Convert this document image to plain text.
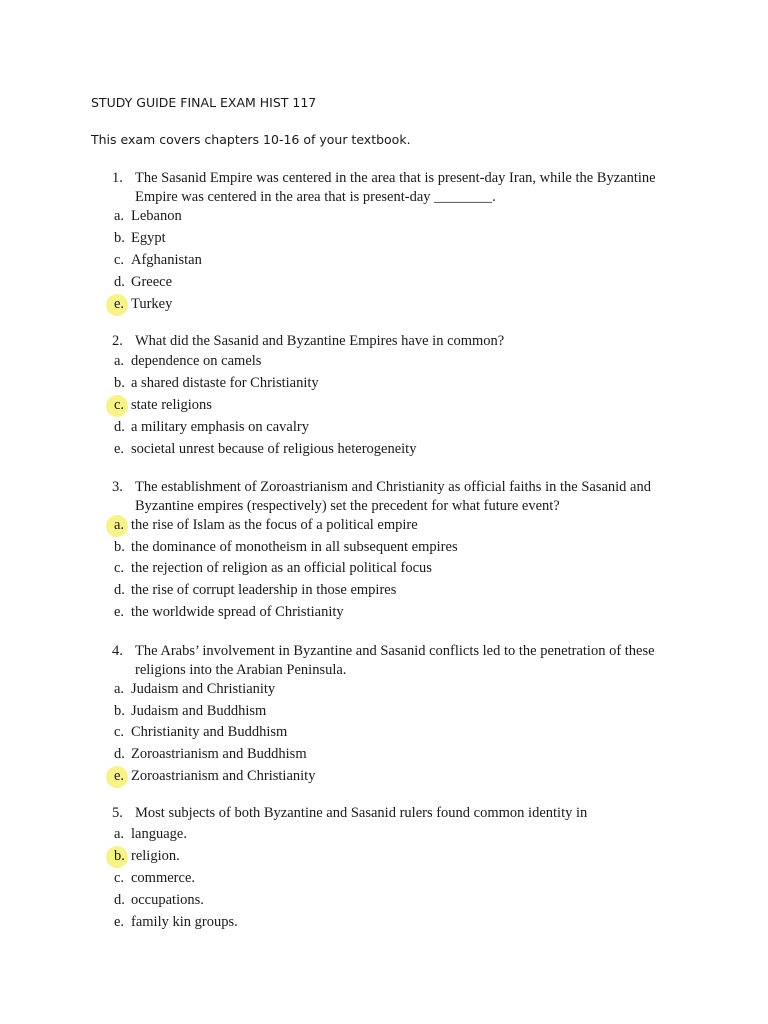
STUDY GUIDE FINAL EXAM HIST 117
This exam covers chapters 10-16 of your textbook.
1. The Sasanid Empire was centered in the area that is present-day Iran, while the Byzantine
Empire was centered in the area that is present-day ________.
a. Lebanon
b. Egypt
c. Afghanistan
d. Greece
e. Turkey
2. What did the Sasanid and Byzantine Empires have in common?
a. dependence on camels
b. a shared distaste for Christianity
c. state religions
d. a military emphasis on cavalry
e. societal unrest because of religious heterogeneity
3. The establishment of Zoroastrianism and Christianity as official faiths in the Sasanid and
Byzantine empires (respectively) set the precedent for what future event?
a. the rise of Islam as the focus of a political empire
b. the dominance of monotheism in all subsequent empires
c. the rejection of religion as an official political focus
d. the rise of corrupt leadership in those empires
e. the worldwide spread of Christianity
4. The Arabs’ involvement in Byzantine and Sasanid conflicts led to the penetration of these
religions into the Arabian Peninsula.
a. Judaism and Christianity
b. Judaism and Buddhism
c. Christianity and Buddhism
d. Zoroastrianism and Buddhism
e. Zoroastrianism and Christianity
5. Most subjects of both Byzantine and Sasanid rulers found common identity in
a. language.
b. religion.
c. commerce.
d. occupations.
e. family kin groups.
